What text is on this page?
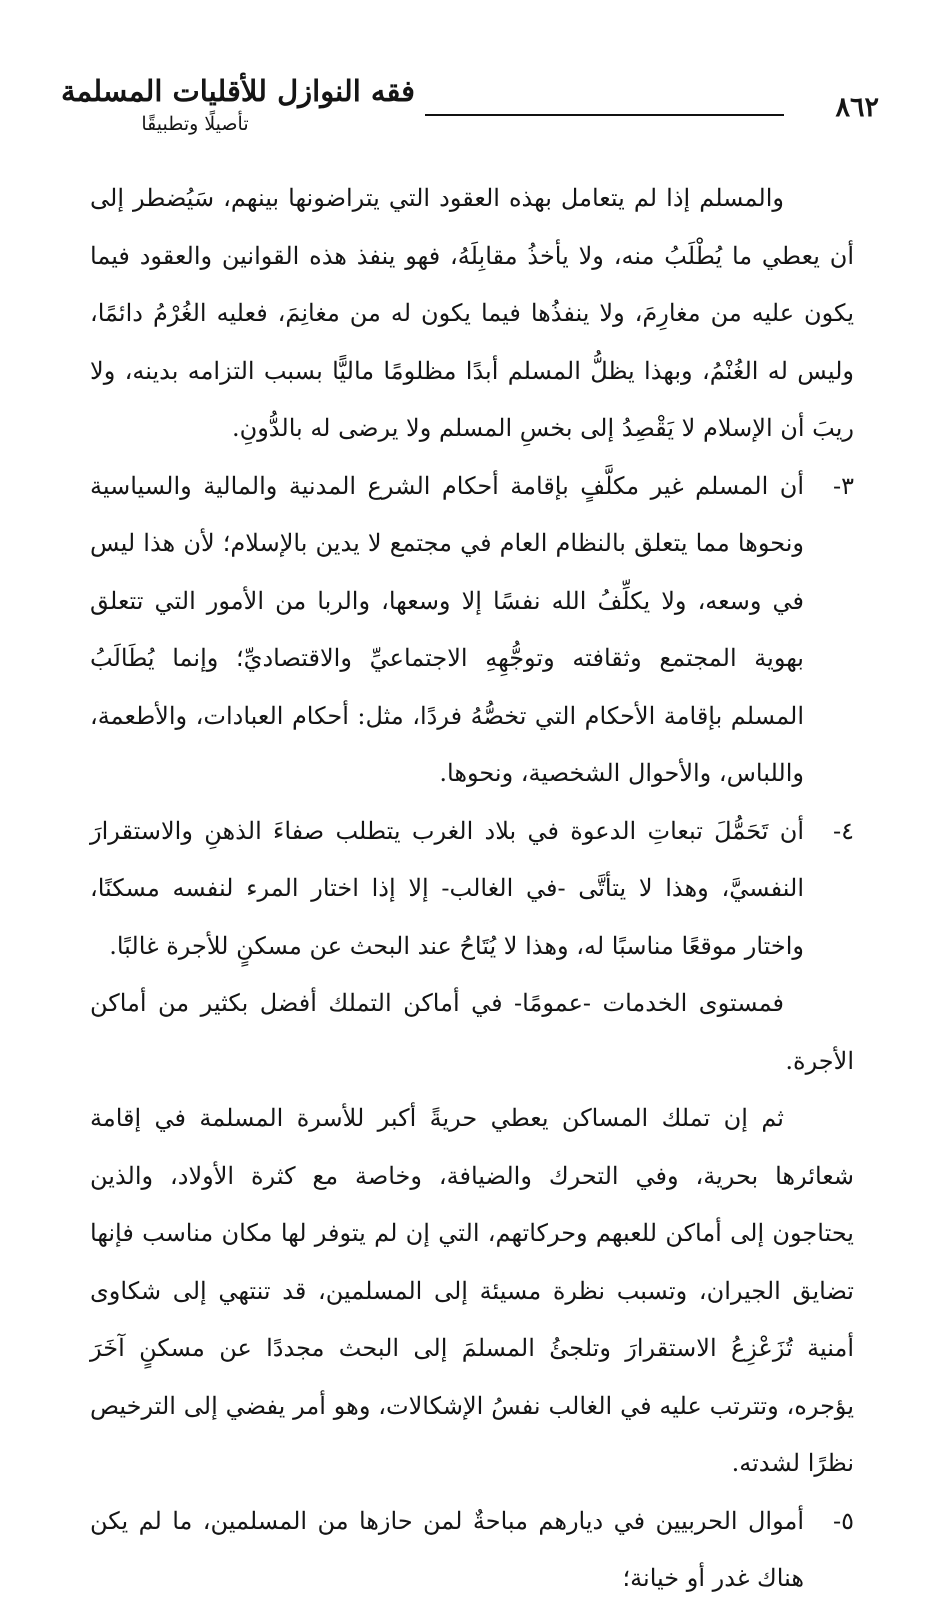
٨٦٢
فقه النوازل للأقليات المسلمة
تأصيلًا وتطبيقًا

والمسلم إذا لم يتعامل بهذه العقود التي يتراضونها بينهم، سَيُضطر إلى أن يعطي ما يُطْلَبُ منه، ولا يأخذُ مقابِلَهُ، فهو ينفذ هذه القوانين والعقود فيما يكون عليه من مغارِمَ، ولا ينفذُها فيما يكون له من مغانِمَ، فعليه الغُرْمُ دائمًا، وليس له الغُنْمُ، وبهذا يظلُّ المسلم أبدًا مظلومًا ماليًّا بسبب التزامه بدينه، ولا ريبَ أن الإسلام لا يَقْصِدُ إلى بخسِ المسلم ولا يرضى له بالدُّونِ.

٣-

أن المسلم غير مكلَّفٍ بإقامة أحكام الشرع المدنية والمالية والسياسية ونحوها مما يتعلق بالنظام العام في مجتمع لا يدين بالإسلام؛ لأن هذا ليس في وسعه، ولا يكلِّفُ الله نفسًا إلا وسعها، والربا من الأمور التي تتعلق بهوية المجتمع وثقافته وتوجُّهِهِ الاجتماعيِّ والاقتصاديِّ؛ وإنما يُطَالَبُ المسلم بإقامة الأحكام التي تخصُّهُ فردًا، مثل: أحكام العبادات، والأطعمة، واللباس، والأحوال الشخصية، ونحوها.

٤-

أن تَحَمُّلَ تبعاتِ الدعوة في بلاد الغرب يتطلب صفاءَ الذهنِ والاستقرارَ النفسيَّ، وهذا لا يتأتَّى -في الغالب- إلا إذا اختار المرء لنفسه مسكنًا، واختار موقعًا مناسبًا له، وهذا لا يُتَاحُ عند البحث عن مسكنٍ للأجرة غالبًا.

فمستوى الخدمات -عمومًا- في أماكن التملك أفضل بكثير من أماكن الأجرة.

ثم إن تملك المساكن يعطي حريةً أكبر للأسرة المسلمة في إقامة شعائرها بحرية، وفي التحرك والضيافة، وخاصة مع كثرة الأولاد، والذين يحتاجون إلى أماكن للعبهم وحركاتهم، التي إن لم يتوفر لها مكان مناسب فإنها تضايق الجيران، وتسبب نظرة مسيئة إلى المسلمين، قد تنتهي إلى شكاوى أمنية تُزَعْزِعُ الاستقرارَ وتلجئُ المسلمَ إلى البحث مجددًا عن مسكنٍ آخَرَ يؤجره، وتترتب عليه في الغالب نفسُ الإشكالات، وهو أمر يفضي إلى الترخيص نظرًا لشدته.

٥-

أموال الحربيين في ديارهم مباحةٌ لمن حازها من المسلمين، ما لم يكن هناك غدر أو خيانة؛
